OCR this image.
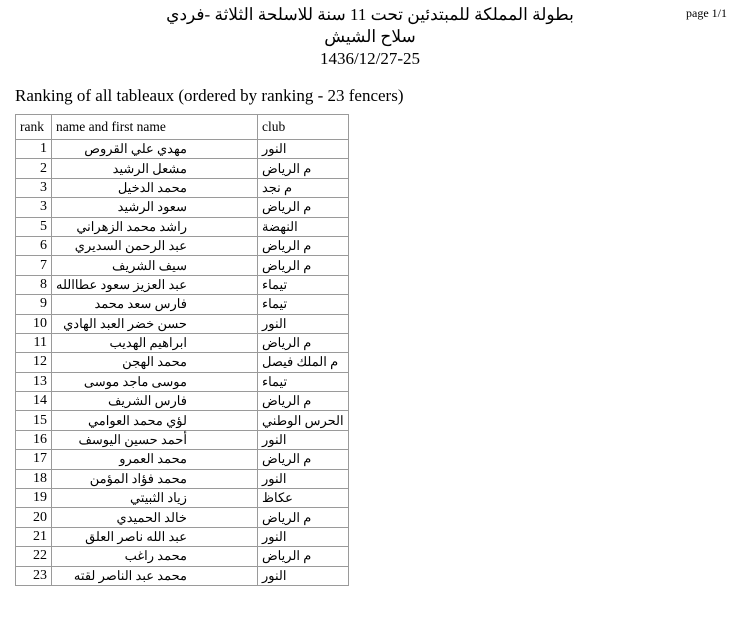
page 1/1
بطولة المملكة للمبتدئين تحت 11 سنة للاسلحة الثلاثة -فردي
سلاح الشيش
1436/12/27-25
Ranking of all tableaux (ordered by ranking - 23 fencers)
rank	name and first name	club
1	مهدي علي القروص	النور
2	مشعل الرشيد	م الرياض
3	محمد الدخيل	م نجد
3	سعود الرشيد	م الرياض
5	راشد محمد الزهراني	النهضة
6	عبد الرحمن السديري	م الرياض
7	سيف الشريف	م الرياض
8	عبد العزيز سعود عطاالله	تيماء
9	فارس سعد محمد	تيماء
10	حسن خضر العبد الهادي	النور
11	ابراهيم الهديب	م الرياض
12	محمد الهجن	م الملك فيصل
13	موسى ماجد موسى	تيماء
14	فارس الشريف	م الرياض
15	لؤي محمد العوامي	الحرس الوطني
16	أحمد حسين اليوسف	النور
17	محمد العمرو	م الرياض
18	محمد فؤاد المؤمن	النور
19	زياد الثبيتي	عكاظ
20	خالد الحميدي	م الرياض
21	عبد الله ناصر العلق	النور
22	محمد راغب	م الرياض
23	محمد عبد الناصر لقته	النور
